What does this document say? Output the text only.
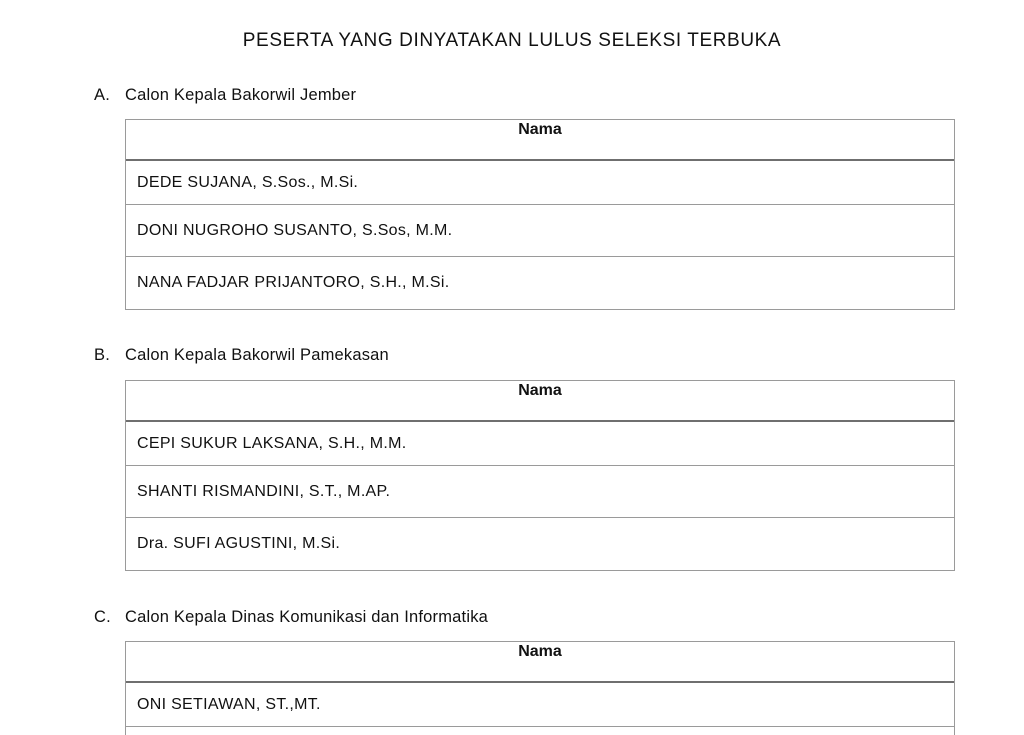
PESERTA YANG DINYATAKAN LULUS SELEKSI TERBUKA
A. Calon Kepala Bakorwil Jember
Nama
DEDE SUJANA, S.Sos., M.Si.
DONI NUGROHO SUSANTO, S.Sos, M.M.
NANA FADJAR PRIJANTORO, S.H., M.Si.
B. Calon Kepala Bakorwil Pamekasan
Nama
CEPI SUKUR LAKSANA, S.H., M.M.
SHANTI RISMANDINI, S.T., M.AP.
Dra. SUFI AGUSTINI, M.Si.
C. Calon Kepala Dinas Komunikasi dan Informatika
Nama
ONI SETIAWAN, ST.,MT.
